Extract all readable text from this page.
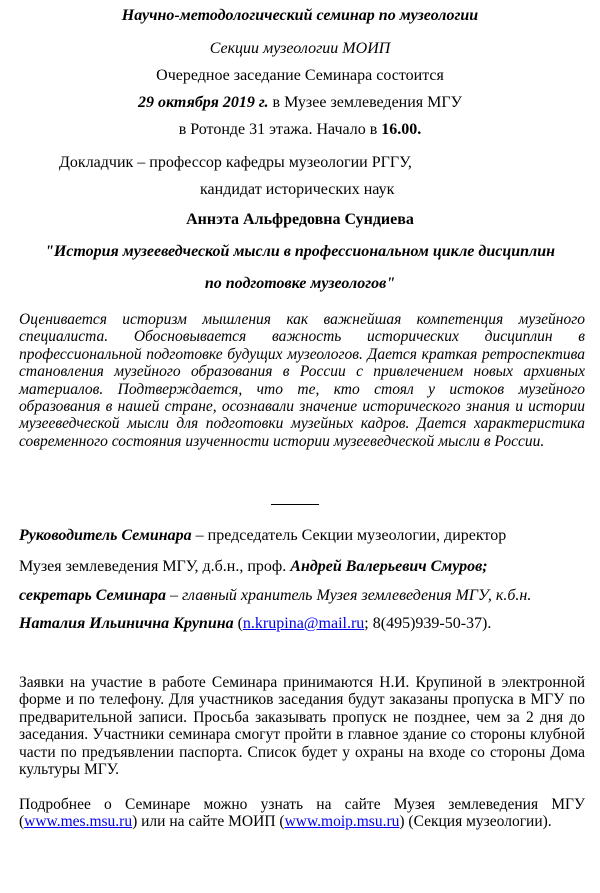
Научно-методологический семинар по музеологии
Секции музеологии МОИП
Очередное заседание Семинара состоится
29 октября 2019 г. в Музее землеведения МГУ
в Ротонде 31 этажа. Начало в 16.00.
Докладчик – профессор кафедры музеологии РГГУ,
кандидат исторических наук
Аннэта Альфредовна Сундиева
"История музееведческой мысли в профессиональном цикле дисциплин
по подготовке музеологов"
Оценивается историзм мышления как важнейшая компетенция музейного специалиста. Обосновывается важность исторических дисциплин в профессиональной подготовке будущих музеологов. Дается краткая ретроспектива становления музейного образования в России с привлечением новых архивных материалов. Подтверждается, что те, кто стоял у истоков музейного образования в нашей стране, осознавали значение исторического знания и истории музееведческой мысли для подготовки музейных кадров. Дается характеристика современного состояния изученности истории музееведческой мысли в России.
Руководитель Семинара – председатель Секции музеологии, директор
Музея землеведения МГУ, д.б.н., проф. Андрей Валерьевич Смуров;
секретарь Семинара – главный хранитель Музея землеведения МГУ, к.б.н.
Наталия Ильинична Крупина (n.krupina@mail.ru; 8(495)939-50-37).
Заявки на участие в работе Семинара принимаются Н.И. Крупиной в электронной форме и по телефону. Для участников заседания будут заказаны пропуска в МГУ по предварительной записи. Просьба заказывать пропуск не позднее, чем за 2 дня до заседания. Участники семинара смогут пройти в главное здание со стороны клубной части по предъявлении паспорта. Список будет у охраны на входе со стороны Дома культуры МГУ.
Подробнее о Семинаре можно узнать на сайте Музея землеведения МГУ (www.mes.msu.ru) или на сайте МОИП (www.moip.msu.ru) (Секция музеологии).
